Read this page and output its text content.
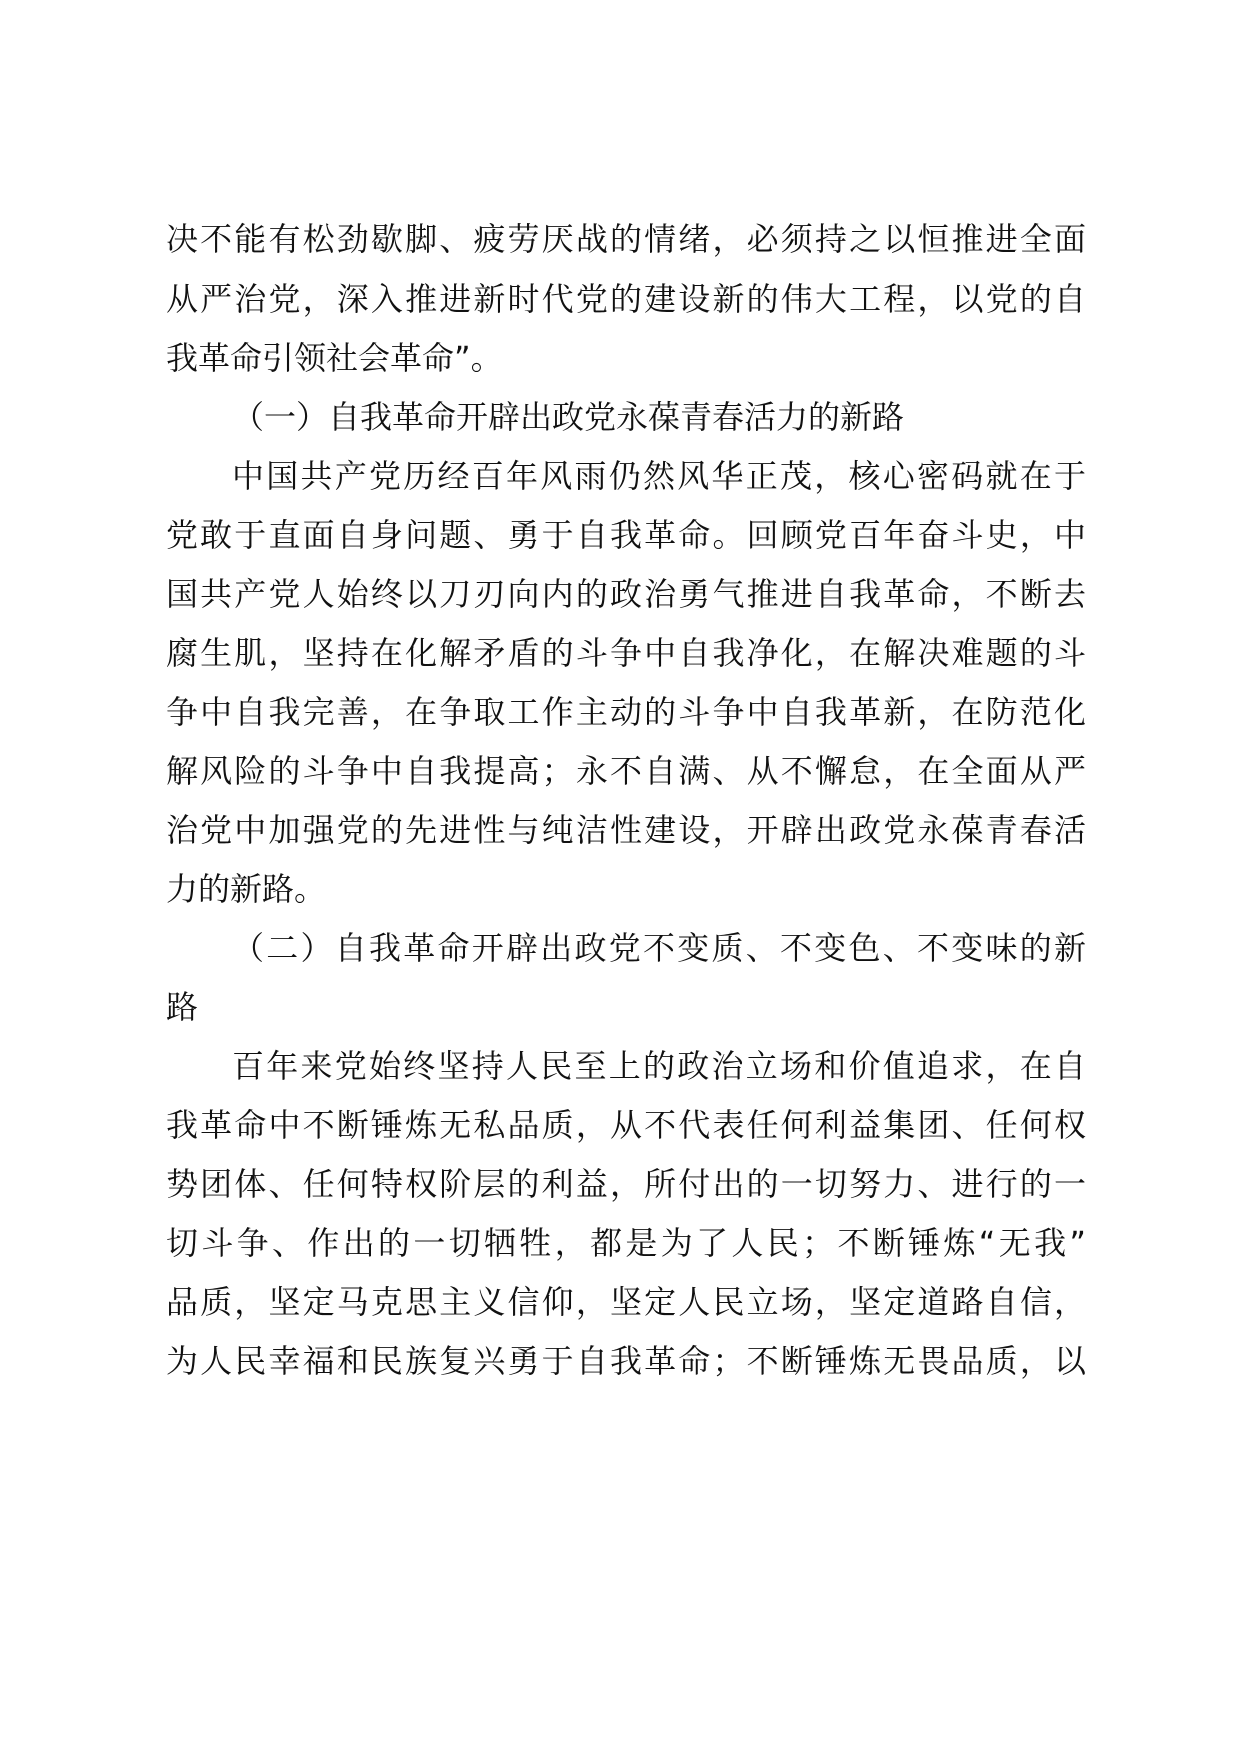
决不能有松劲歇脚、疲劳厌战的情绪，必须持之以恒推进全面
从严治党，深入推进新时代党的建设新的伟大工程，以党的自
我革命引领社会革命”。
（一）自我革命开辟出政党永葆青春活力的新路
中国共产党历经百年风雨仍然风华正茂，核心密码就在于
党敢于直面自身问题、勇于自我革命。回顾党百年奋斗史，中
国共产党人始终以刀刃向内的政治勇气推进自我革命，不断去
腐生肌，坚持在化解矛盾的斗争中自我净化，在解决难题的斗
争中自我完善，在争取工作主动的斗争中自我革新，在防范化
解风险的斗争中自我提高；永不自满、从不懈怠，在全面从严
治党中加强党的先进性与纯洁性建设，开辟出政党永葆青春活
力的新路。
（二）自我革命开辟出政党不变质、不变色、不变味的新
路
百年来党始终坚持人民至上的政治立场和价值追求，在自
我革命中不断锤炼无私品质，从不代表任何利益集团、任何权
势团体、任何特权阶层的利益，所付出的一切努力、进行的一
切斗争、作出的一切牺牲，都是为了人民；不断锤炼“无我”
品质，坚定马克思主义信仰，坚定人民立场，坚定道路自信，
为人民幸福和民族复兴勇于自我革命；不断锤炼无畏品质，以
